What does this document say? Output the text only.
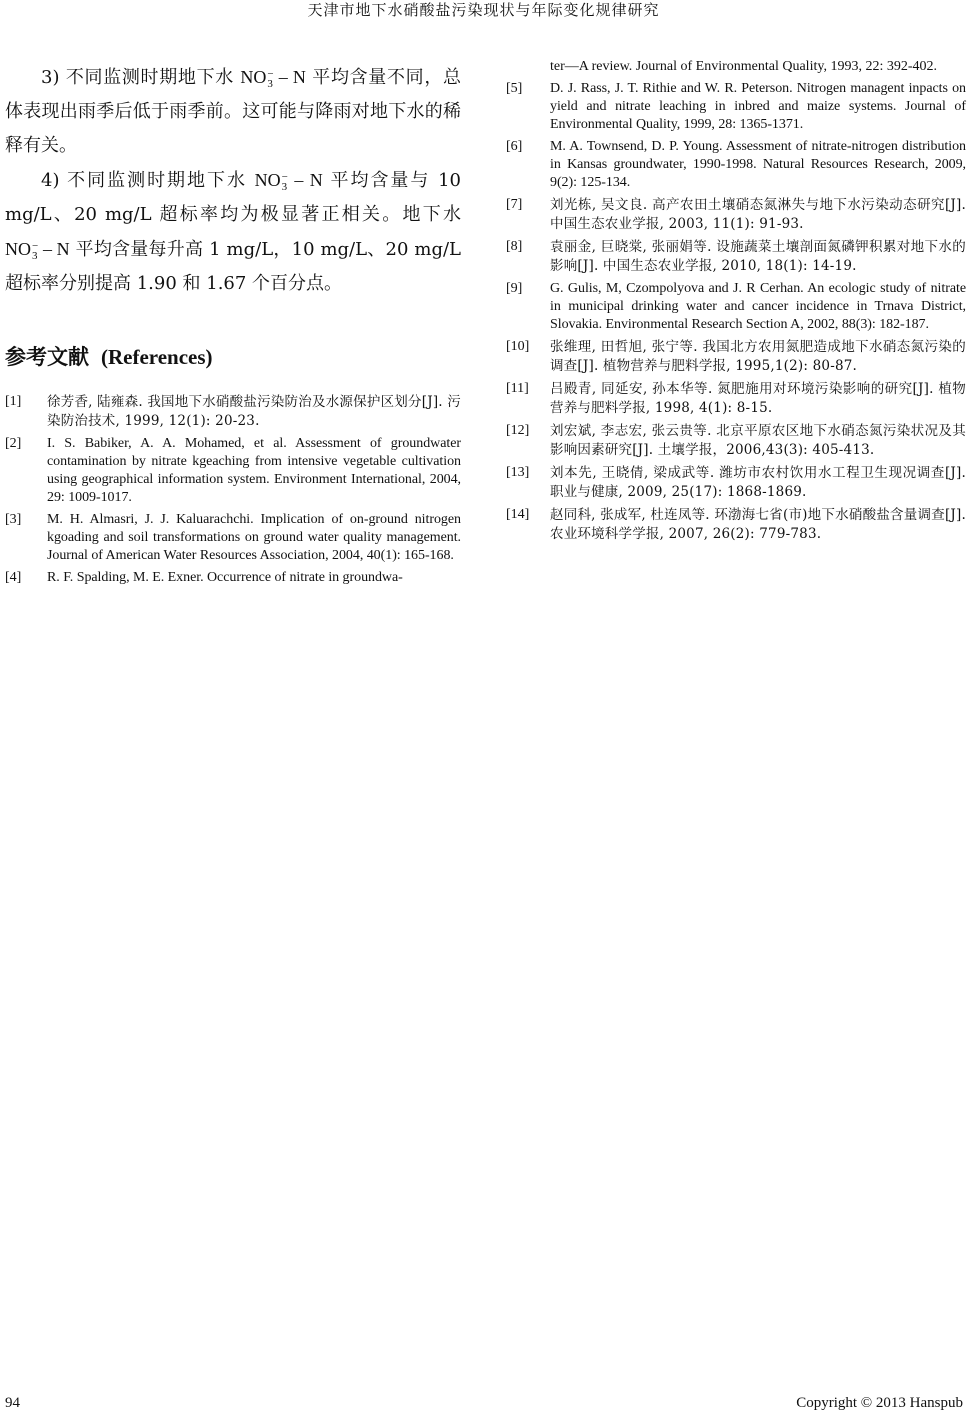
天津市地下水硝酸盐污染现状与年际变化规律研究

3) 不同监测时期地下水 NO −
3 – N 平均含量不同，总体表现出雨季后低于雨季前。这可能与降雨对地下水的稀释有关。

4) 不同监测时期地下水 NO −
3 – N 平均含量与 10 mg/L、20 mg/L 超标率均为极显著正相关。地下水 NO −
3 – N 平均含量每升高 1 mg/L，10 mg/L、20 mg/L 超标率分别提高 1.90 和 1.67 个百分点。

参考文献 (References)
[1]	徐芳香, 陆雍森. 我国地下水硝酸盐污染防治及水源保护区划分[J]. 污染防治技术, 1999, 12(1): 20-23.
[2]	I. S. Babiker, A. A. Mohamed, et al. Assessment of groundwater contamination by nitrate kgeaching from intensive vegetable cultivation using geographical information system. Environment International, 2004, 29: 1009-1017.
[3]	M. H. Almasri, J. J. Kaluarachchi. Implication of on-ground nitrogen kgoading and soil transformations on ground water quality management. Journal of American Water Resources Association, 2004, 40(1): 165-168.
[4]	R. F. Spalding, M. E. Exner. Occurrence of nitrate in groundwa-
ter—A review. Journal of Environmental Quality, 1993, 22: 392-402.
[5]	D. J. Rass, J. T. Rithie and W. R. Peterson. Nitrogen managent inpacts on yield and nitrate leaching in inbred and maize systems. Journal of Environmental Quality, 1999, 28: 1365-1371.
[6]	M. A. Townsend, D. P. Young. Assessment of nitrate-nitrogen distribution in Kansas groundwater, 1990-1998. Natural Resources Research, 2009, 9(2): 125-134.
[7]	刘光栋, 吴文良. 高产农田土壤硝态氮淋失与地下水污染动态研究[J]. 中国生态农业学报, 2003, 11(1): 91-93.
[8]	袁丽金, 巨晓棠, 张丽娟等. 设施蔬菜土壤剖面氮磷钾积累对地下水的影响[J]. 中国生态农业学报, 2010, 18(1): 14-19.
[9]	G. Gulis, M, Czompolyova and J. R Cerhan. An ecologic study of nitrate in municipal drinking water and cancer incidence in Trnava District, Slovakia. Environmental Research Section A, 2002, 88(3): 182-187.
[10]	张维理, 田哲旭, 张宁等. 我国北方农用氮肥造成地下水硝态氮污染的调查[J]. 植物营养与肥料学报, 1995,1(2): 80-87.
[11]	吕殿青, 同延安, 孙本华等. 氮肥施用对环境污染影响的研究[J]. 植物营养与肥料学报, 1998, 4(1): 8-15.
[12]	刘宏斌, 李志宏, 张云贵等. 北京平原农区地下水硝态氮污染状况及其影响因素研究[J]. 土壤学报，2006,43(3): 405-413.
[13]	刘本先, 王晓倩, 梁成武等. 潍坊市农村饮用水工程卫生现况调查[J]. 职业与健康, 2009, 25(17): 1868-1869.
[14]	赵同科, 张成军, 杜连凤等. 环渤海七省(市)地下水硝酸盐含量调查[J]. 农业环境科学学报, 2007, 26(2): 779-783.
94	Copyright © 2013 Hanspub
